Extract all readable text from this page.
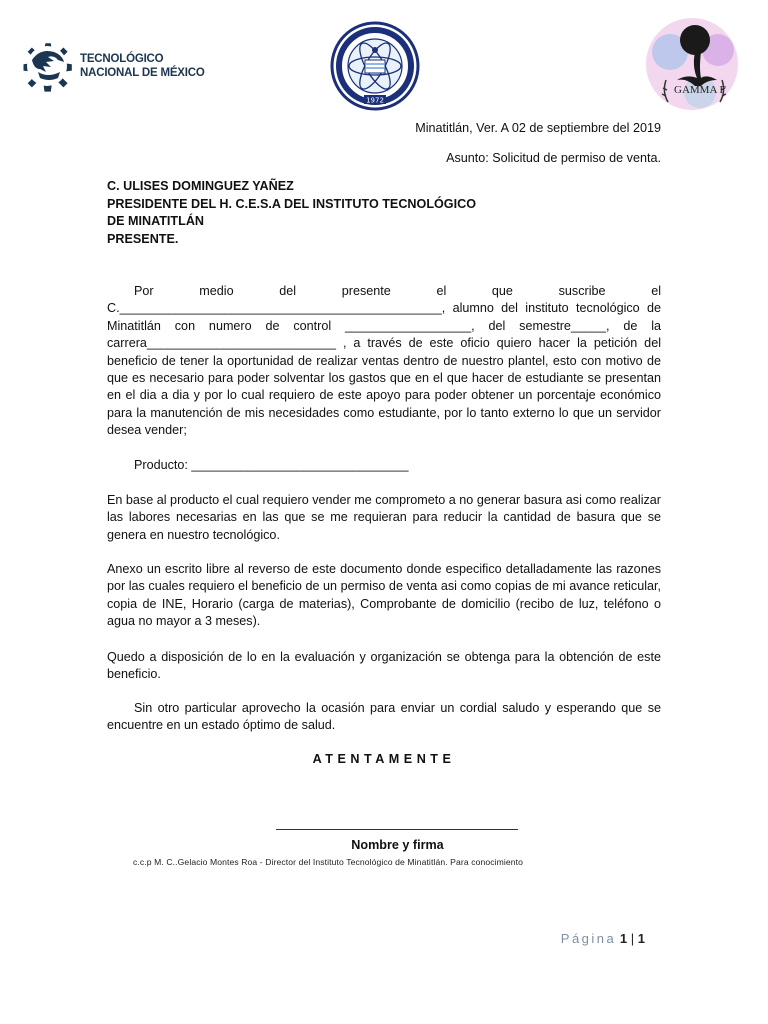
TECNOLÓGICO
NACIONAL DE MÉXICO
1972
GAMMA Γ
Minatitlán, Ver. A 02 de septiembre del 2019
Asunto: Solicitud de permiso de venta.
C. ULISES DOMINGUEZ YAÑEZ
PRESIDENTE DEL H. C.E.S.A DEL INSTITUTO TECNOLÓGICO
DE MINATITLÁN
PRESENTE.
Por medio del presente el que suscribe el C.______________________________________________, alumno del instituto tecnológico de Minatitlán con numero de control __________________, del semestre_____, de la carrera___________________________ , a través de este oficio quiero hacer la petición del beneficio de tener la oportunidad de realizar ventas dentro de nuestro plantel, esto con motivo de que es necesario para poder solventar los gastos que en el que hacer de estudiante se presentan en el dia a dia y por lo cual requiero de este apoyo para poder obtener un porcentaje económico para la manutención de mis necesidades como estudiante, por lo tanto externo lo que un servidor desea vender;
Producto: _______________________________
En base al producto el cual requiero vender me comprometo a no generar basura asi como realizar las labores necesarias en las que se me requieran para reducir la cantidad de basura que se genera en nuestro tecnológico.
Anexo un escrito libre al reverso de este documento donde especifico detalladamente las razones por las cuales requiero el beneficio de un permiso de venta asi como copias de mi avance reticular, copia de INE, Horario (carga de materias), Comprobante de domicilio (recibo de luz, teléfono o agua no mayor a 3 meses).
Quedo a disposición de lo en la evaluación y organización se obtenga para la obtención de este beneficio.
Sin otro particular aprovecho la ocasión para enviar un cordial saludo y esperando que se encuentre en un estado óptimo de salud.
ATENTAMENTE
Nombre y firma
c.c.p M. C..Gelacio Montes Roa - Director del Instituto Tecnológico de Minatitlán. Para conocimiento
Página 1 | 1
